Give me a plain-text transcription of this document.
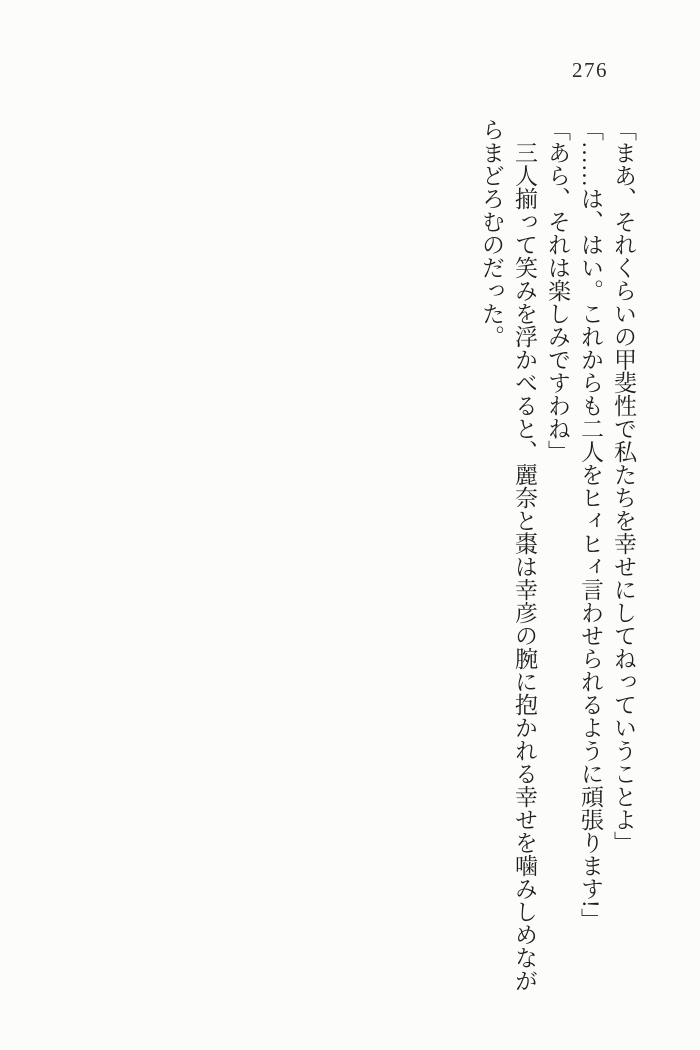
276

「まあ、それくらいの甲斐性で私たちを幸せにしてねっていうことよ」

「……は、はい。これからも二人をヒィヒィ言わせられるように頑張ります!」

「あら、それは楽しみですわね」

　三人揃って笑みを浮かべると、麗奈と棗は幸彦の腕に抱かれる幸せを噛みしめながらまどろむのだった。
